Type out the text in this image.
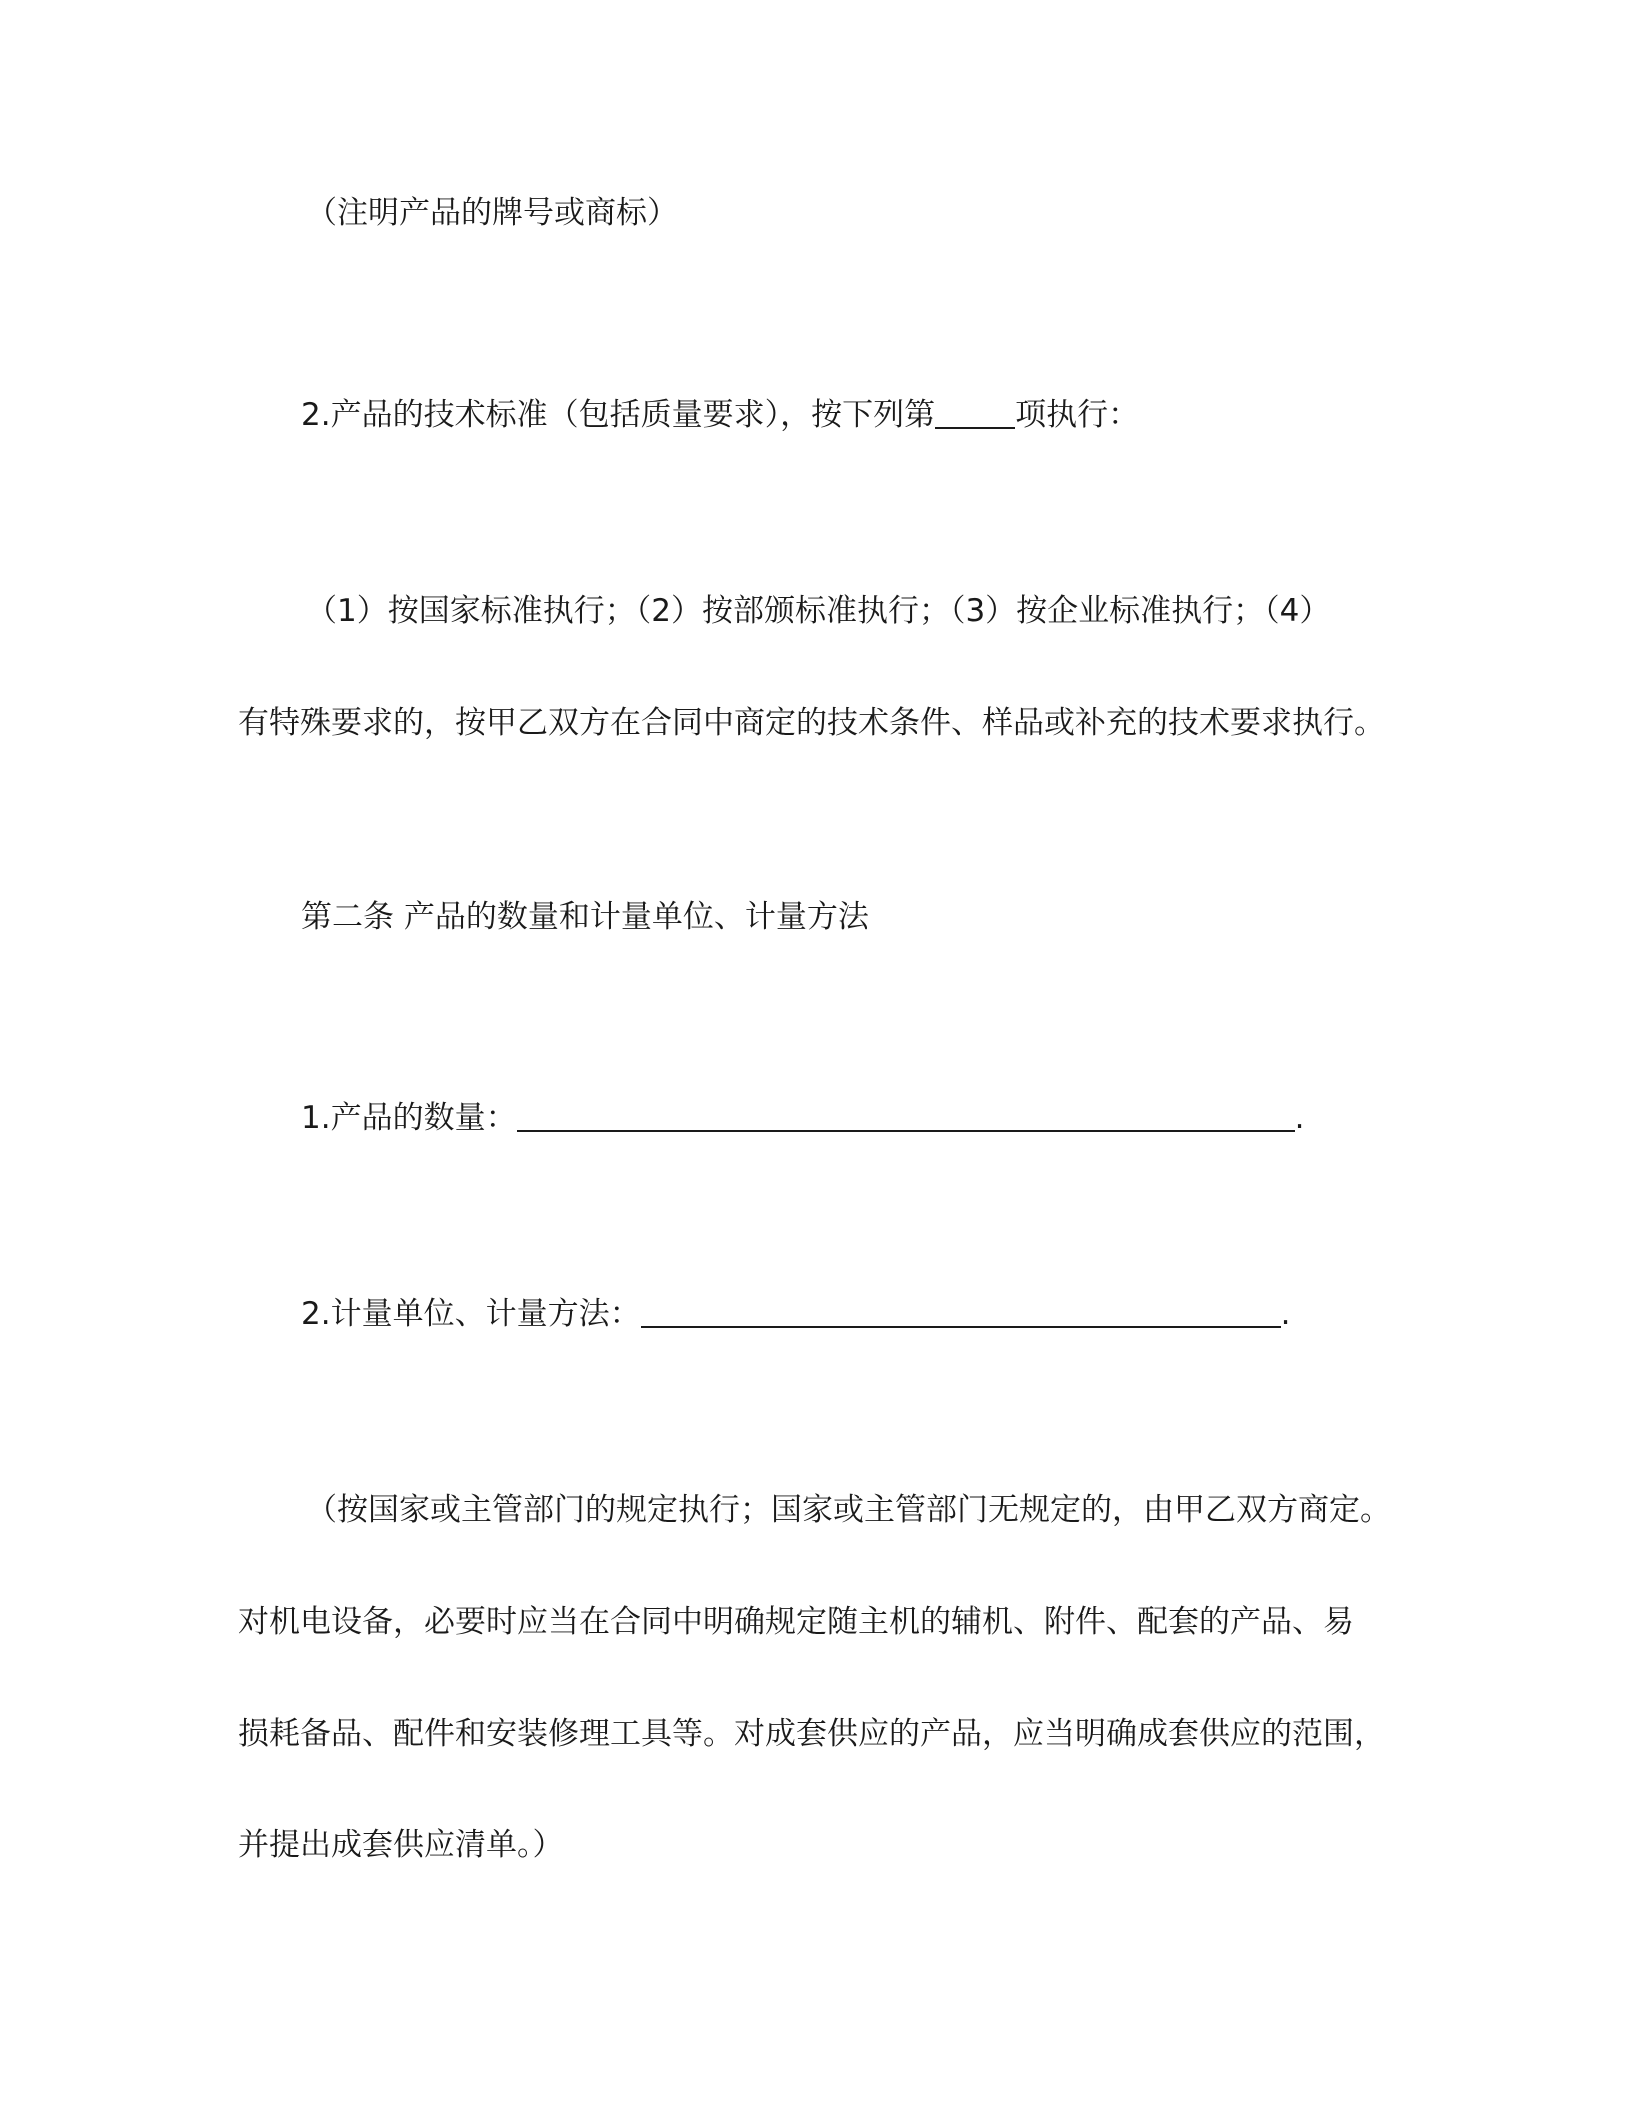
（注明产品的牌号或商标）
2.产品的技术标准（包括质量要求），按下列第	项执行：
（1）按国家标准执行；（2）按部颁标准执行；（3）按企业标准执行；（4）
有特殊要求的，按甲乙双方在合同中商定的技术条件、样品或补充的技术要求执行。
第二条 产品的数量和计量单位、计量方法
1.产品的数量：	.
2.计量单位、计量方法：	.
（按国家或主管部门的规定执行；国家或主管部门无规定的，由甲乙双方商定。
对机电设备，必要时应当在合同中明确规定随主机的辅机、附件、配套的产品、易
损耗备品、配件和安装修理工具等。对成套供应的产品，应当明确成套供应的范围，
并提出成套供应清单。）
